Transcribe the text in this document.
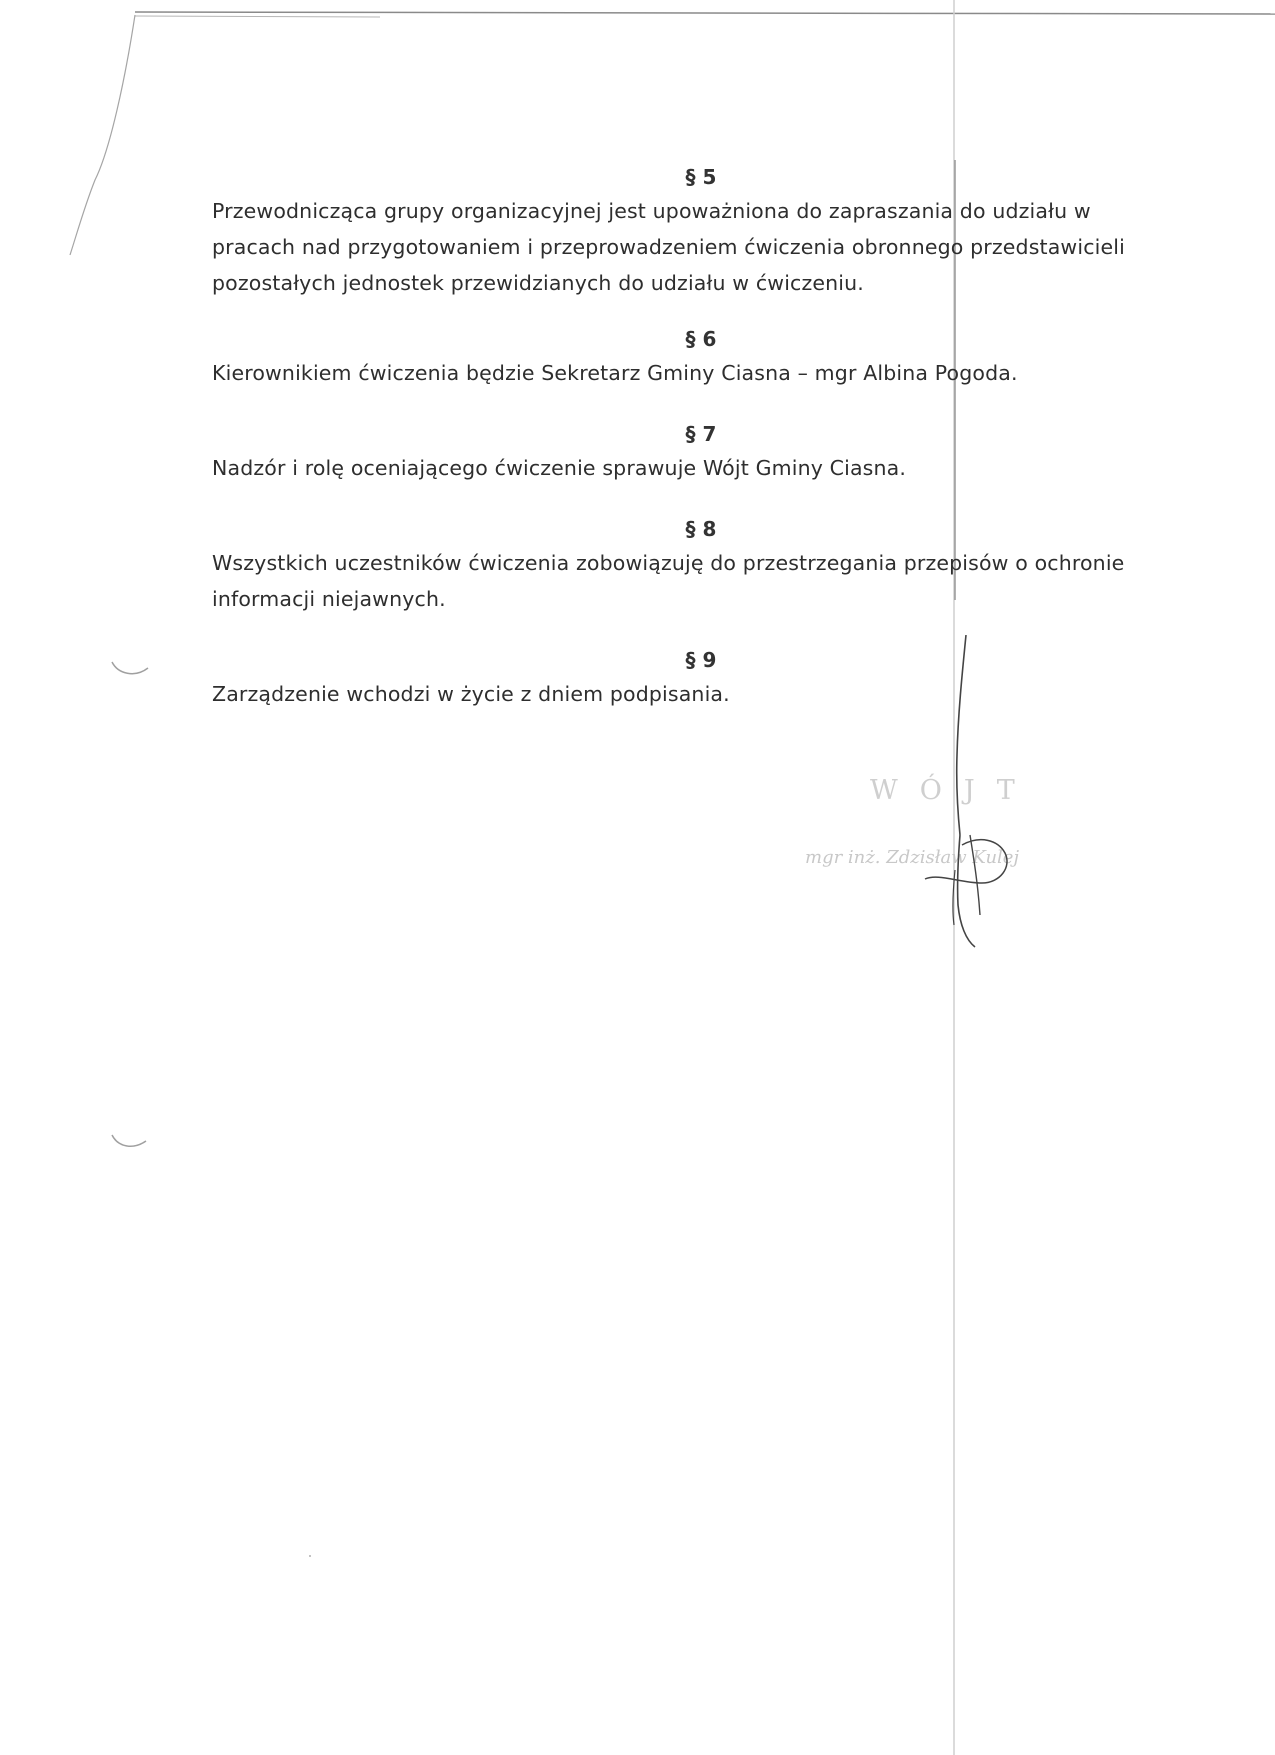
§ 5
Przewodnicząca grupy organizacyjnej jest upoważniona do zapraszania do udziału w pracach nad przygotowaniem i przeprowadzeniem ćwiczenia obronnego przedstawicieli pozostałych jednostek przewidzianych do udziału w ćwiczeniu.
§ 6
Kierownikiem ćwiczenia będzie Sekretarz Gminy Ciasna – mgr Albina Pogoda.
§ 7
Nadzór i rolę oceniającego ćwiczenie sprawuje Wójt Gminy Ciasna.
§ 8
Wszystkich uczestników ćwiczenia zobowiązuję do przestrzegania przepisów o ochronie informacji niejawnych.
§ 9
Zarządzenie wchodzi w życie z dniem podpisania.
WÓJT
mgr inż. Zdzisław Kulej
